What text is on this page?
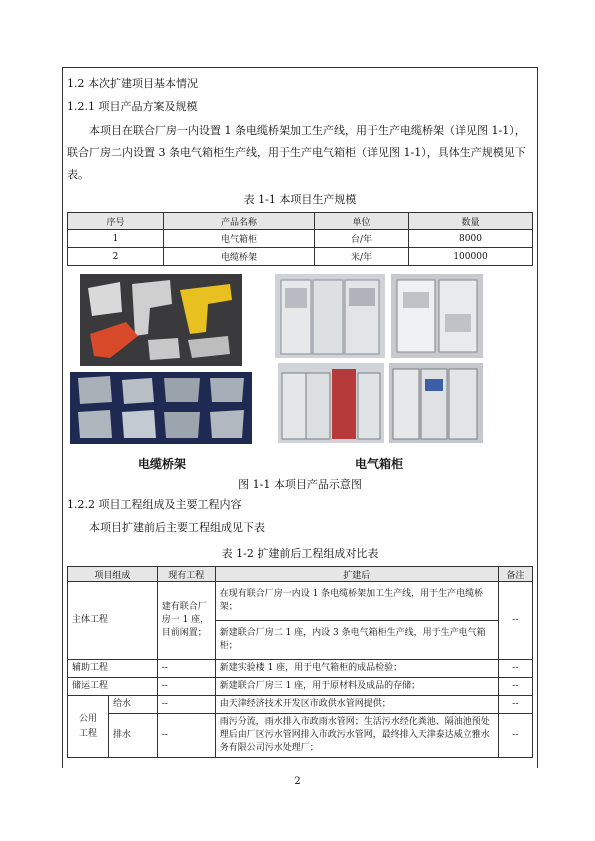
1.2 本次扩建项目基本情况
1.2.1 项目产品方案及规模
本项目在联合厂房一内设置 1 条电缆桥架加工生产线，用于生产电缆桥架（详见图 1-1），联合厂房二内设置 3 条电气箱柜生产线，用于生产电气箱柜（详见图 1-1），具体生产规模见下表。
表 1-1 本项目生产规模
序号	产品名称	单位	数量
1	电气箱柜	台/年	8000
2	电缆桥架	米/年	100000
电缆桥架	电气箱柜
图 1-1 本项目产品示意图
1.2.2 项目工程组成及主要工程内容
本项目扩建前后主要工程组成见下表
表 1-2 扩建前后工程组成对比表
项目组成		现有工程	扩建后	备注
主体工程		建有联合厂房一 1 座，目前闲置；	在现有联合厂房一内设 1 条电缆桥架加工生产线，用于生产电缆桥架；	--
			新建联合厂房二 1 座，内设 3 条电气箱柜生产线，用于生产电气箱柜；	
辅助工程		--	新建实验楼 1 座，用于电气箱柜的成品检验；	--
储运工程		--	新建联合厂房三 1 座，用于原材料及成品的存储；	--
公用工程	给水	--	由天津经济技术开发区市政供水管网提供；	--
	排水	--	雨污分流，雨水排入市政雨水管网；生活污水经化粪池、隔油池预处理后由厂区污水管网排入市政污水管网，最终排入天津泰达威立雅水务有限公司污水处理厂；	--
2
